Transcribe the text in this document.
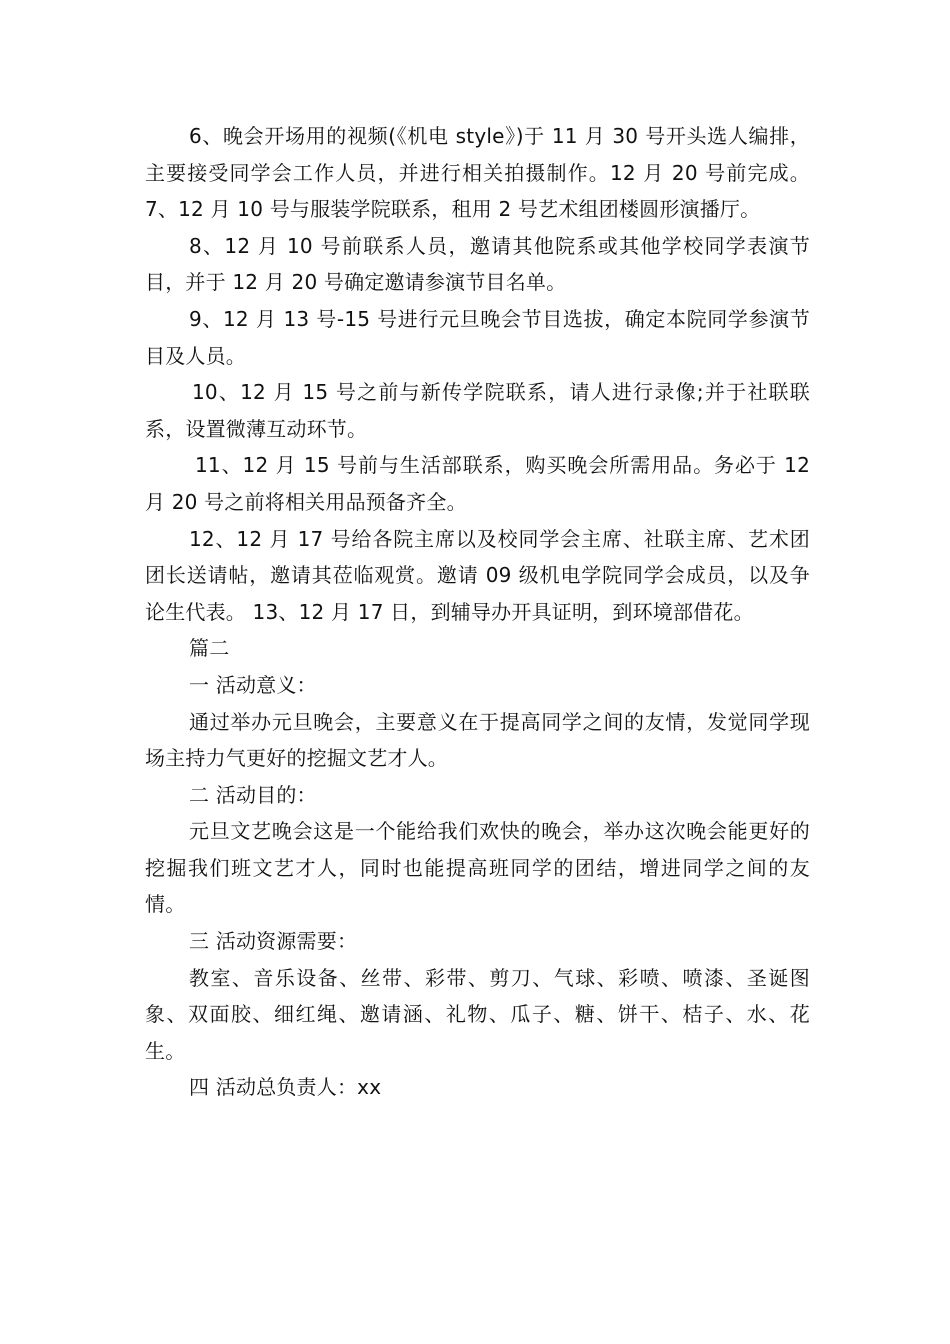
6、晚会开场用的视频(《机电 style》)于 11 月 30 号开头选人编排，主要接受同学会工作人员，并进行相关拍摄制作。12 月 20 号前完成。 7、12 月 10 号与服装学院联系，租用 2 号艺术组团楼圆形演播厅。

8、12 月 10 号前联系人员，邀请其他院系或其他学校同学表演节目，并于 12 月 20 号确定邀请参演节目名单。

9、12 月 13 号-15 号进行元旦晚会节目选拔，确定本院同学参演节目及人员。

10、12 月 15 号之前与新传学院联系，请人进行录像;并于社联联系，设置微薄互动环节。

11、12 月 15 号前与生活部联系，购买晚会所需用品。务必于 12 月 20 号之前将相关用品预备齐全。

12、12 月 17 号给各院主席以及校同学会主席、社联主席、艺术团团长送请帖，邀请其莅临观赏。邀请 09 级机电学院同学会成员，以及争论生代表。 13、12 月 17 日，到辅导办开具证明，到环境部借花。

篇二

一 活动意义：

通过举办元旦晚会，主要意义在于提高同学之间的友情，发觉同学现场主持力气更好的挖掘文艺才人。

二 活动目的：

元旦文艺晚会这是一个能给我们欢快的晚会，举办这次晚会能更好的挖掘我们班文艺才人，同时也能提高班同学的团结，增进同学之间的友情。

三 活动资源需要：

教室、音乐设备、丝带、彩带、剪刀、气球、彩喷、喷漆、圣诞图象、双面胶、细红绳、邀请涵、礼物、瓜子、糖、饼干、桔子、水、花生。

四 活动总负责人：xx
